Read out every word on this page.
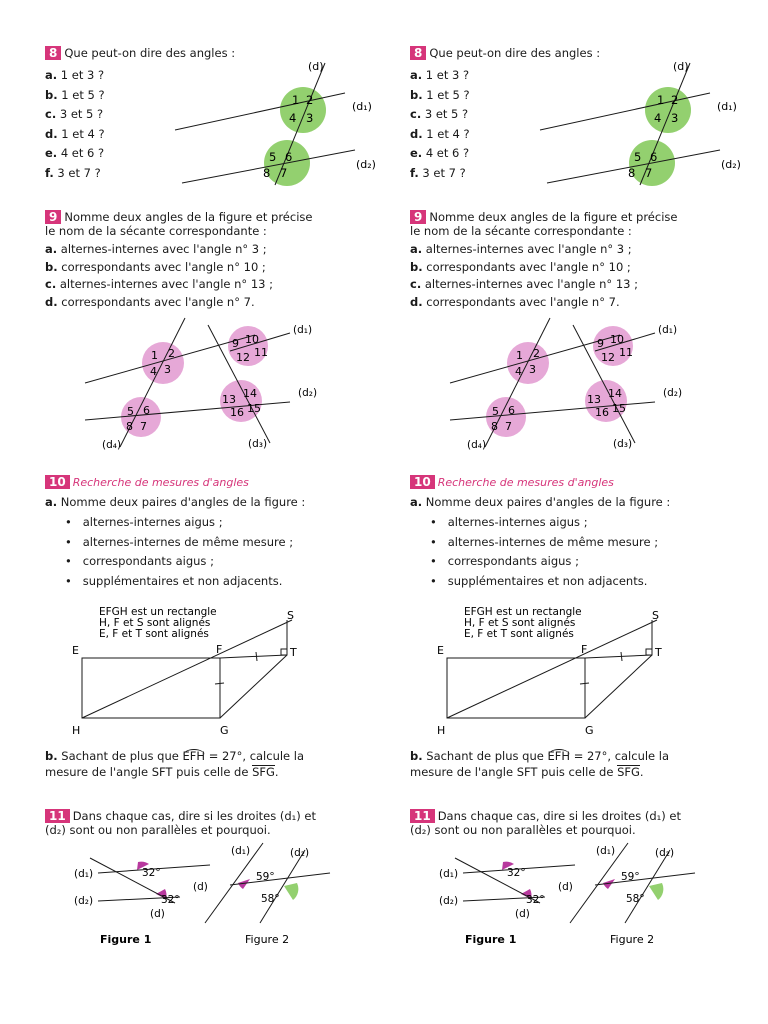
8 Que peut-on dire des angles :
a. 1 et 3 ?
b. 1 et 5 ?
c. 3 et 5 ?
d. 1 et 4 ?
e. 4 et 6 ?
f. 3 et 7 ?
(d)
(d₁)
(d₂)
1 2
3
4
5 6
7
8
9 Nomme deux angles de la figure et précise
le nom de la sécante correspondante :
a. alternes-internes avec l'angle n° 3 ;
b. correspondants avec l'angle n° 10 ;
c. alternes-internes avec l'angle n° 13 ;
d. correspondants avec l'angle n° 7.
(d₁)
(d₂)
(d₃)
(d₄)
1 2
3
4
5 6
7
8
9 10
11
12
13 14
15
16
10 Recherche de mesures d'angles
a. Nomme deux paires d'angles de la figure :
•   alternes-internes aigus ;
•   alternes-internes de même mesure ;
•   correspondants aigus ;
•   supplémentaires et non adjacents.
EFGH est un rectangle
H, F et S sont alignés
E, F et T sont alignés
E	F
G
H
S
T
b. Sachant de plus que EFH = 27°, calcule la
mesure de l'angle SFT puis celle de SFG.
11 Dans chaque cas, dire si les droites (d₁) et
(d₂) sont ou non parallèles et pourquoi.
(d₁)
(d₂)
(d)
32°
32°
Figure 1
(d₁)	(d₂)
(d)
59°
58°
Figure 2
8 Que peut-on dire des angles :
a. 1 et 3 ?
b. 1 et 5 ?
c. 3 et 5 ?
d. 1 et 4 ?
e. 4 et 6 ?
f. 3 et 7 ?
(d)
(d₁)
(d₂)
1 2
3
4
5 6
7
8
9 Nomme deux angles de la figure et précise
le nom de la sécante correspondante :
a. alternes-internes avec l'angle n° 3 ;
b. correspondants avec l'angle n° 10 ;
c. alternes-internes avec l'angle n° 13 ;
d. correspondants avec l'angle n° 7.
(d₁)
(d₂)
(d₃)
(d₄)
1 2
3
4
5 6
7
8
9 10
11
12
13 14
15
16
10 Recherche de mesures d'angles
a. Nomme deux paires d'angles de la figure :
•   alternes-internes aigus ;
•   alternes-internes de même mesure ;
•   correspondants aigus ;
•   supplémentaires et non adjacents.
EFGH est un rectangle
H, F et S sont alignés
E, F et T sont alignés
E	F
G
H
S
T
b. Sachant de plus que EFH = 27°, calcule la
mesure de l'angle SFT puis celle de SFG.
11 Dans chaque cas, dire si les droites (d₁) et
(d₂) sont ou non parallèles et pourquoi.
(d₁)
(d₂)
(d)
32°
32°
Figure 1
(d₁)	(d₂)
(d)
59°
58°
Figure 2
